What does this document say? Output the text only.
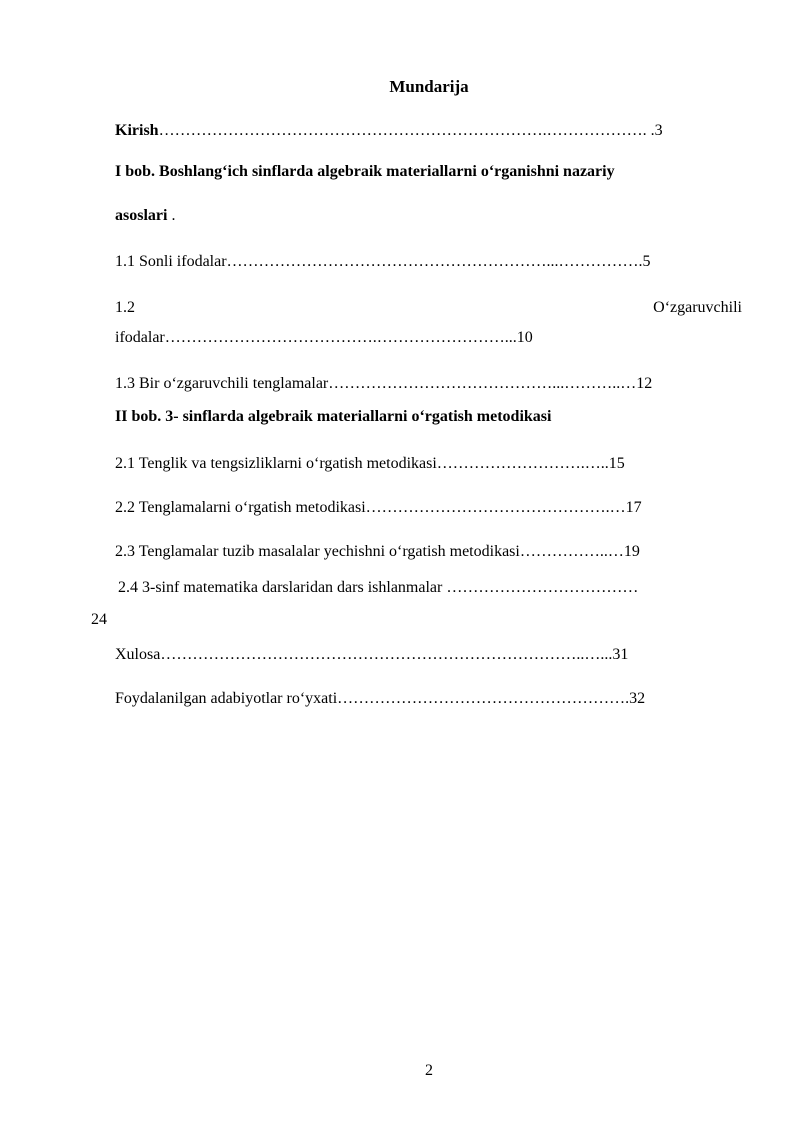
Mundarija
Kirish……………………………………………………………….………………. .3
I bob. Boshlang‘ich sinflarda algebraik materiallarni o‘rganishni nazariy
asoslari .
1.1 Sonli ifodalar……………………………………………………...…………….5
1.2	O‘zgaruvchili
ifodalar………………………………….……………………...10
1.3 Bir o‘zgaruvchili tenglamalar……………………………………...………..…12
II bob. 3- sinflarda algebraik materiallarni o‘rgatish metodikasi
2.1 Tenglik va tengsizliklarni o‘rgatish metodikasi……………………….…..15
2.2 Tenglamalarni o‘rgatish metodikasi……………………………………….…17
2.3 Tenglamalar tuzib masalalar yechishni o‘rgatish metodikasi……………..…19
2.4 3-sinf matematika darslaridan dars ishlanmalar ………………………………
24
Xulosa……………………………………………………………………..…...31
Foydalanilgan adabiyotlar ro‘yxati……………………………………………….32
2
